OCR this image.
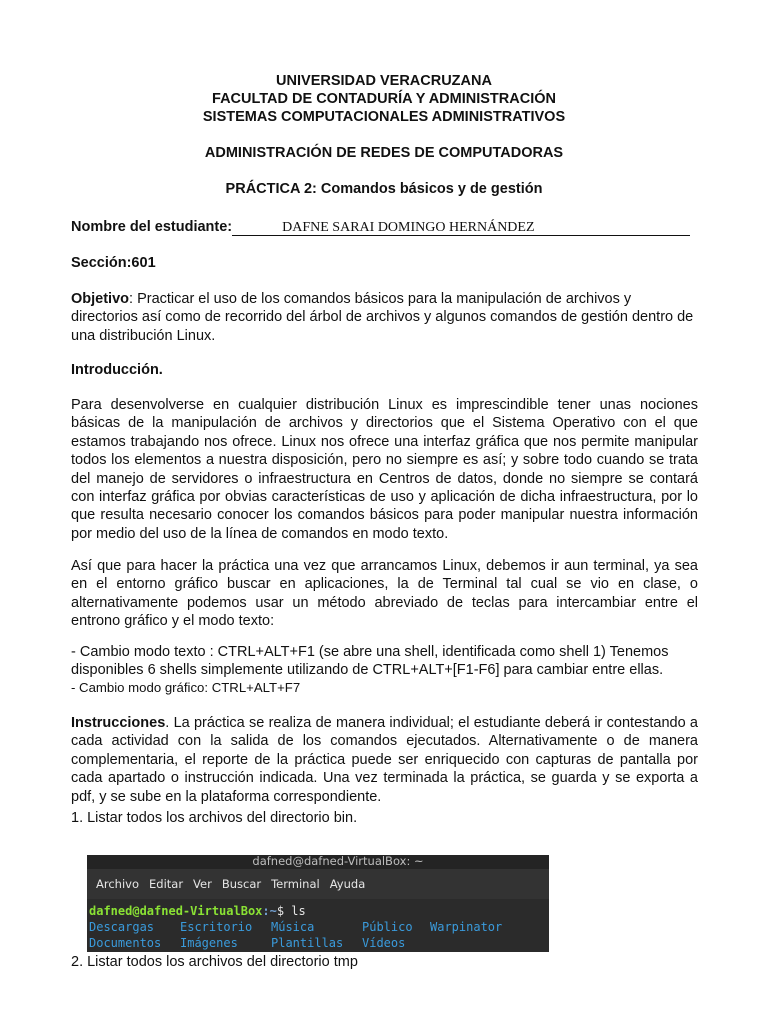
UNIVERSIDAD VERACRUZANA
FACULTAD DE CONTADURÍA Y ADMINISTRACIÓN
SISTEMAS COMPUTACIONALES ADMINISTRATIVOS
ADMINISTRACIÓN DE REDES DE COMPUTADORAS
PRÁCTICA 2: Comandos básicos y de gestión
Nombre del estudiante:	DAFNE SARAI DOMINGO HERNÁNDEZ
Sección:601
Objetivo: Practicar el uso de los comandos básicos para la manipulación de archivos y directorios así como de recorrido del árbol de archivos y algunos comandos de gestión dentro de una distribución Linux.
Introducción.
Para desenvolverse en cualquier distribución Linux es imprescindible tener unas nociones básicas de la manipulación de archivos y directorios que el Sistema Operativo con el que estamos trabajando nos ofrece. Linux nos ofrece una interfaz gráfica que nos permite manipular todos los elementos a nuestra disposición, pero no siempre es así; y sobre todo cuando se trata del manejo de servidores o infraestructura en Centros de datos, donde no siempre se contará con interfaz gráfica por obvias características de uso y aplicación de dicha infraestructura, por lo que resulta necesario conocer los comandos básicos para poder manipular nuestra información por medio del uso de la línea de comandos en modo texto.
Así que para hacer la práctica una vez que arrancamos Linux, debemos ir aun terminal, ya sea en el entorno gráfico buscar en aplicaciones, la de Terminal tal cual se vio en clase, o alternativamente podemos usar un método abreviado de teclas para intercambiar entre el entrono gráfico y el modo texto:
- Cambio modo texto : CTRL+ALT+F1 (se abre una shell, identificada como shell 1) Tenemos disponibles 6 shells simplemente utilizando de CTRL+ALT+[F1-F6] para cambiar entre ellas.
- Cambio modo gráfico: CTRL+ALT+F7
Instrucciones. La práctica se realiza de manera individual; el estudiante deberá ir contestando a cada actividad con la salida de los comandos ejecutados. Alternativamente o de manera complementaria, el reporte de la práctica puede ser enriquecido con capturas de pantalla por cada apartado o instrucción indicada. Una vez terminada la práctica, se guarda y se exporta a pdf, y se sube en la plataforma correspondiente.
1. Listar todos los archivos del directorio bin.
dafned@dafned-VirtualBox: ~
Archivo Editar Ver Buscar Terminal Ayuda
dafned@dafned-VirtualBox:~$ ls
Descargas	Escritorio	Música	Público	Warpinator
Documentos	Imágenes	Plantillas	Vídeos
2. Listar todos los archivos del directorio tmp
